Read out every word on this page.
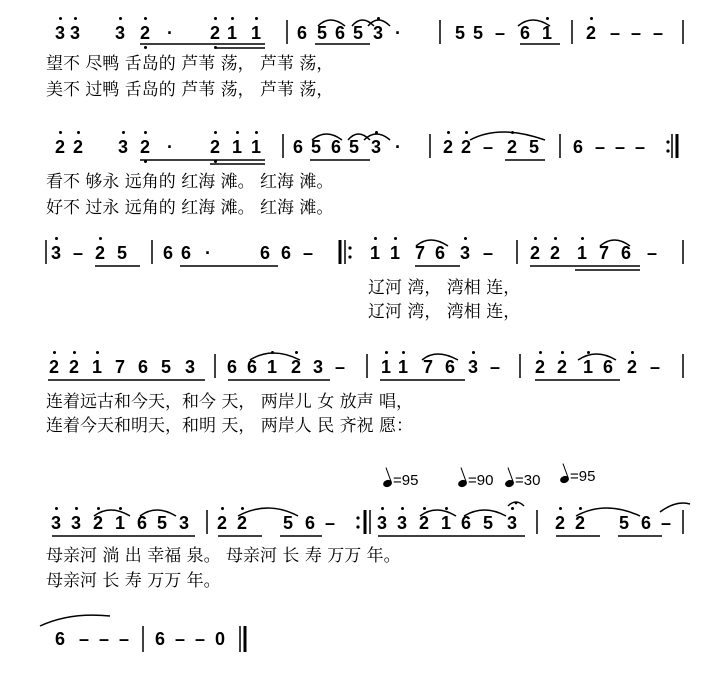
3 3 3 2 · 2 1 1 6 5 6 5 3 ·	5 5 – 6 1 2 – – –
望不 尽鸭 舌岛的 芦苇 荡， 芦苇 荡，
美不 过鸭 舌岛的 芦苇 荡， 芦苇 荡，
2 2 3 2 · 2 1 1 6 5 6 5 3 · 2 2 – 2 5 6 – – –
看不 够永 远角的 红海 滩。 红海 滩。
好不 过永 远角的 红海 滩。 红海 滩。
3 – 2 5 6 6 ·	6 6 –	1 1 7 6 3 – 2 2 1 7 6 –
辽河 湾， 湾相 连，
辽河 湾， 湾相 连，
2 2 1 7 6 5 3 6 6 1 2 3 – 1 1 7 6 3 – 2 2 1 6 2 –
连着远古和今天，和今 天， 两岸儿 女 放声 唱，
连着今天和明天，和明 天， 两岸人 民 齐祝 愿：
=95	=90	=30	=95
3 3 2 1 6 5 3 2 2 5 6 – 3 3 2 1 6 5 3 2 2 5 6 –
母亲河 淌 出 幸福 泉。 母亲河 长 寿 万万 年。
母亲河 长 寿 万万 年。
6 – – – 6 – – 0
